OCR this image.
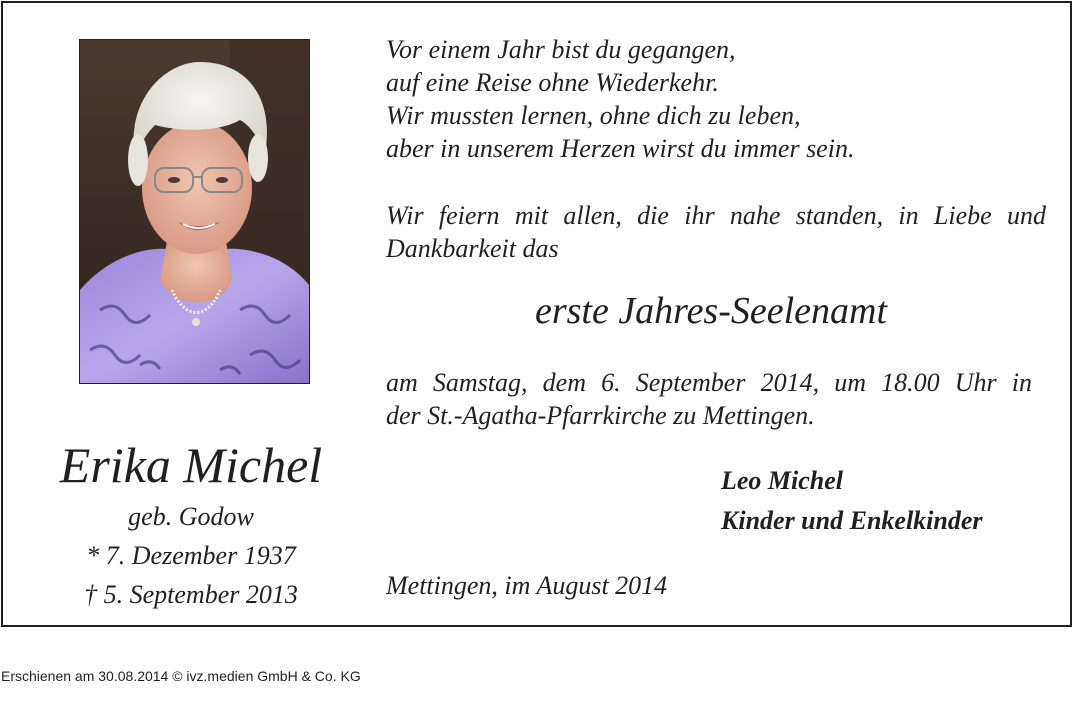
Erika Michel
geb. Godow
* 7. Dezember 1937
† 5. September 2013
Vor einem Jahr bist du gegangen,
auf eine Reise ohne Wiederkehr.
Wir mussten lernen, ohne dich zu leben,
aber in unserem Herzen wirst du immer sein.
Wir feiern mit allen, die ihr nahe standen, in Liebe und
Dankbarkeit das
erste Jahres-Seelenamt
am Samstag, dem 6. September 2014, um 18.00 Uhr in
der St.-Agatha-Pfarrkirche zu Mettingen.
Leo Michel
Kinder und Enkelkinder
Mettingen, im August 2014
Erschienen am 30.08.2014 © ivz.medien GmbH & Co. KG
